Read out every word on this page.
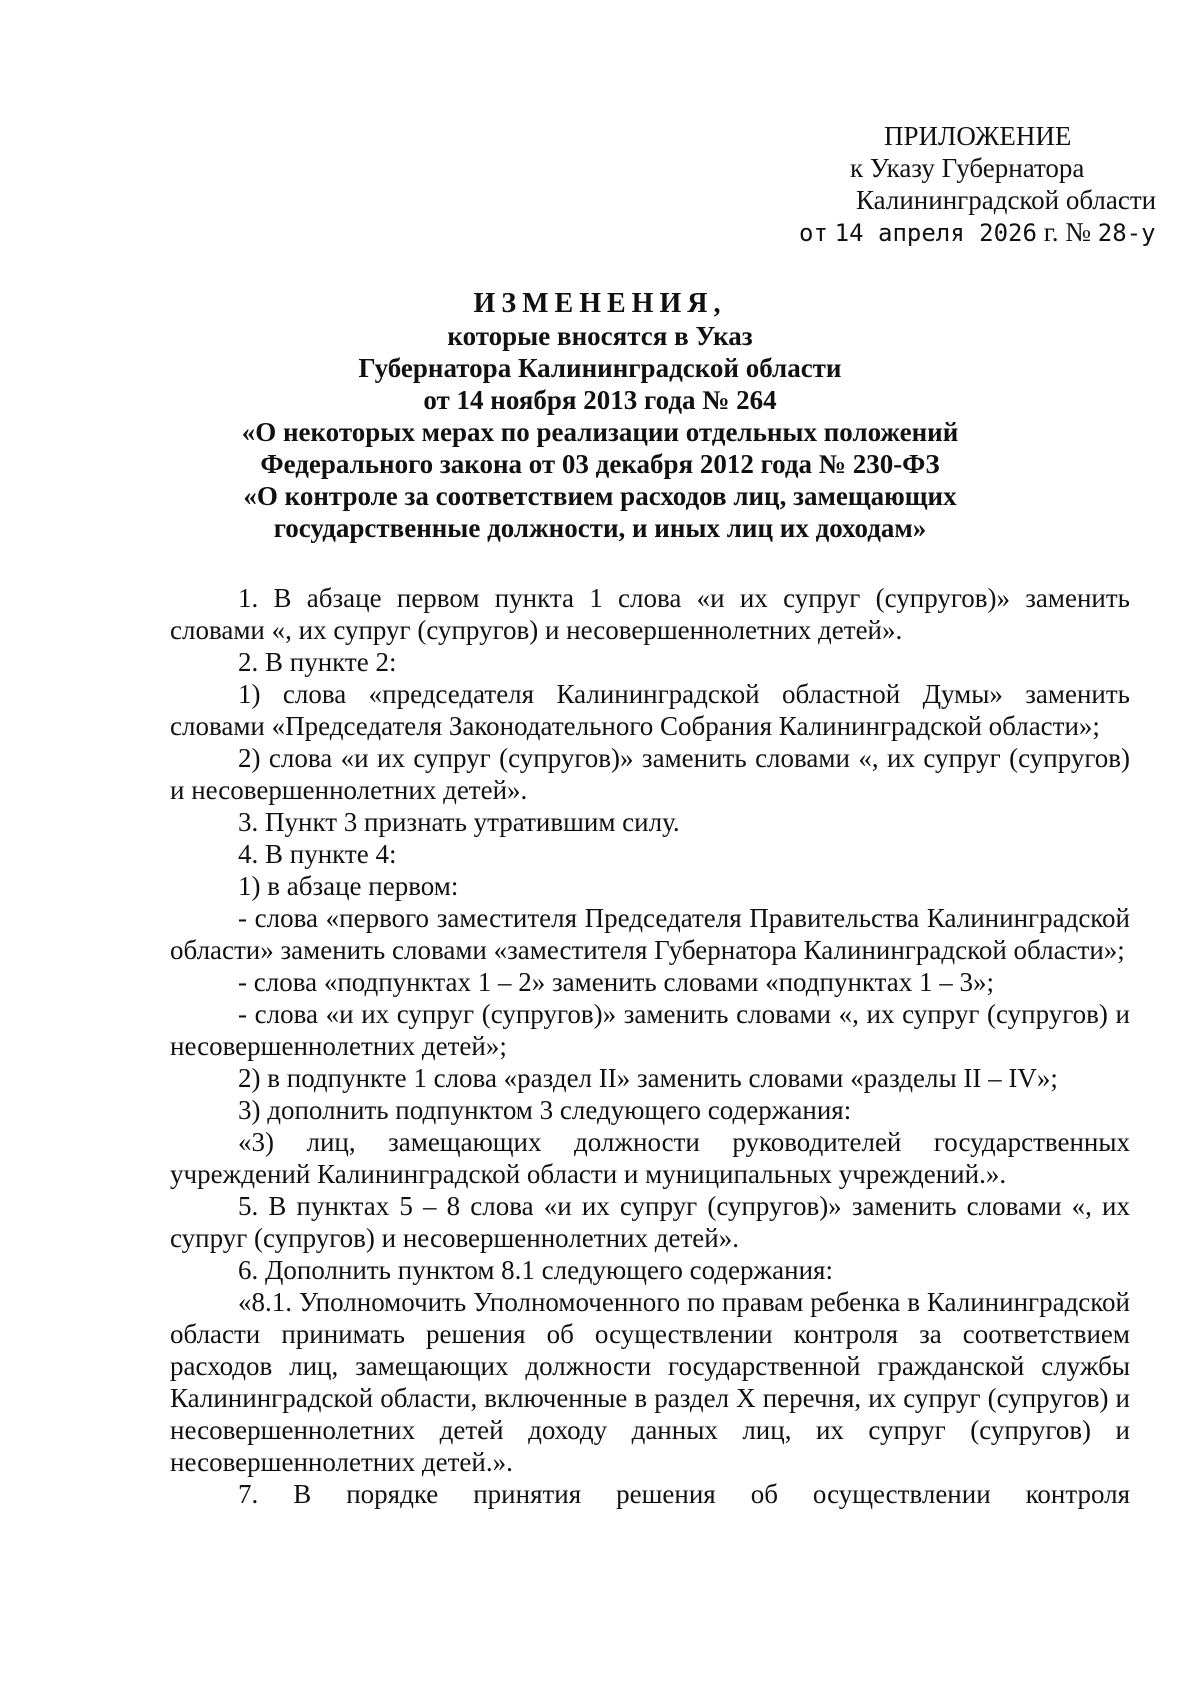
ПРИЛОЖЕНИЕ
к Указу Губернатора
Калининградской области
от 14 апреля 2026 г. № 28-у
ИЗМЕНЕНИЯ,
которые вносятся в Указ
Губернатора Калининградской области
от 14 ноября 2013 года № 264
«О некоторых мерах по реализации отдельных положений
Федерального закона от 03 декабря 2012 года № 230-ФЗ
«О контроле за соответствием расходов лиц, замещающих
государственные должности, и иных лиц их доходам»

1. В абзаце первом пункта 1 слова «и их супруг (супругов)» заменить словами «, их супруг (супругов) и несовершеннолетних детей».

2. В пункте 2:

1) слова «председателя Калининградской областной Думы» заменить словами «Председателя Законодательного Собрания Калининградской области»;

2) слова «и их супруг (супругов)» заменить словами «, их супруг (супругов) и несовершеннолетних детей».

3. Пункт 3 признать утратившим силу.

4. В пункте 4:

1) в абзаце первом:

- слова «первого заместителя Председателя Правительства Калининградской области» заменить словами «заместителя Губернатора Калининградской области»;

- слова «подпунктах 1 – 2» заменить словами «подпунктах 1 – 3»;

- слова «и их супруг (супругов)» заменить словами «, их супруг (супругов) и несовершеннолетних детей»;

2) в подпункте 1 слова «раздел II» заменить словами «разделы II – IV»;

3) дополнить подпунктом 3 следующего содержания:

«3) лиц, замещающих должности руководителей государственных учреждений Калининградской области и муниципальных учреждений.».

5. В пунктах 5 – 8 слова «и их супруг (супругов)» заменить словами «, их супруг (супругов) и несовершеннолетних детей».

6. Дополнить пунктом 8.1 следующего содержания:

«8.1. Уполномочить Уполномоченного по правам ребенка в Калининградской области принимать решения об осуществлении контроля за соответствием расходов лиц, замещающих должности государственной гражданской службы Калининградской области, включенные в раздел X перечня, их супруг (супругов) и несовершеннолетних детей доходу данных лиц, их супруг (супругов) и несовершеннолетних детей.».

7. В порядке принятия решения об осуществлении контроля
